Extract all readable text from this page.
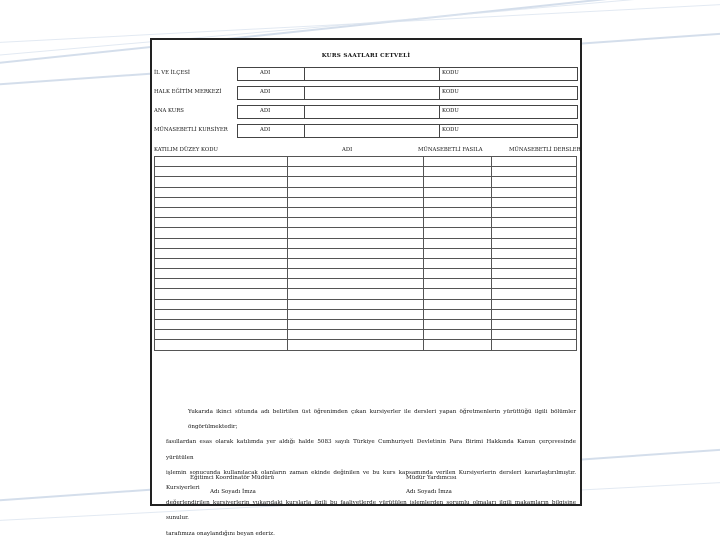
KURS SAATLARI CETVELİ
İL VE İLÇESİ	ADI	KODU
HALK EĞİTİM MERKEZİ	ADI	KODU
ANA KURS	ADI	KODU
MÜNASEBETLİ KURSİYER	ADI	KODU
KATILIM DÜZEY KODU	ADI	MÜNASEBETLİ FASILA	MÜNASEBETLİ DERSLER

Yukarıda ikinci sütunda adı belirtilen üst öğrenimden çıkan kursiyerler ile dersleri yapan öğretmenlerin yürüttüğü ilgili bölümler öngörülmektedir;
fasıllardan esas olarak katılımda yer aldığı halde 5083 sayılı Türkiye Cumhuriyeti Devletinin Para Birimi Hakkında Kanun çerçevesinde yürütülen
işlemin sonucunda kullanılacak olanların zaman ekinde değinilen ve bu kurs kapsamında verilen Kursiyerlerin dersleri kararlaştırılmıştır. Kursiyerleri
değerlendirilen kursiyerlerin yukarıdaki kurslarla ilgili bu faaliyetlerde yürütülen işlemlerden sorumlu olmaları ilgili makamların bilgisine sunulur.
tarafımıza onaylandığını beyan ederiz.
Eğitimci Koordinatör Müdürü
Adı Soyadı İmza
Müdür Yardımcısı
Adı Soyadı İmza
